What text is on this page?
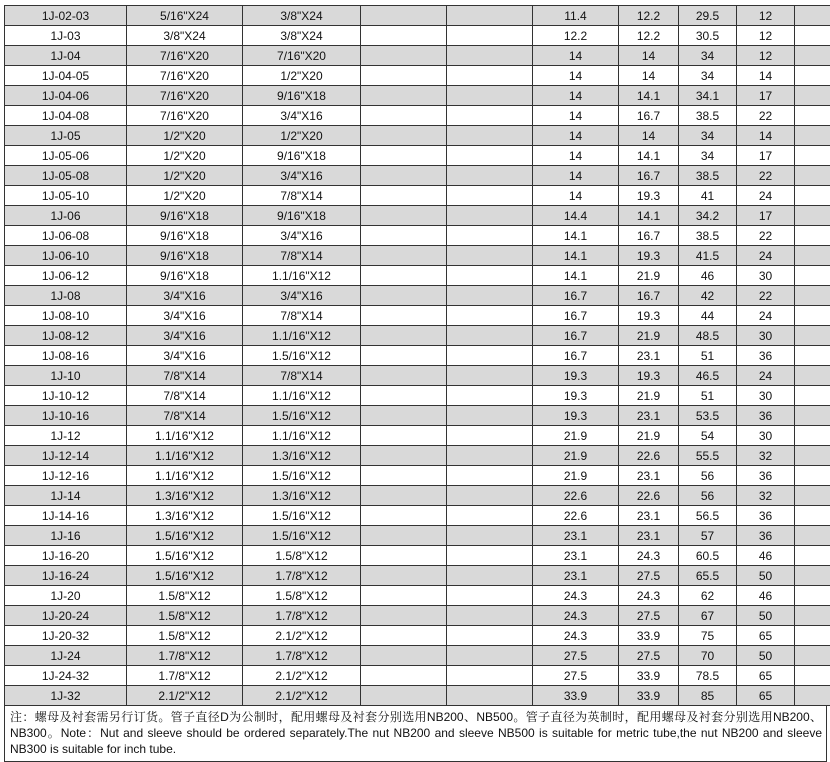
1J-02-03	5/16"X24	3/8"X24			11.4	12.2	29.5	12	
1J-03	3/8"X24	3/8"X24			12.2	12.2	30.5	12	
1J-04	7/16"X20	7/16"X20			14	14	34	12	
1J-04-05	7/16"X20	1/2"X20			14	14	34	14	
1J-04-06	7/16"X20	9/16"X18			14	14.1	34.1	17	
1J-04-08	7/16"X20	3/4"X16			14	16.7	38.5	22	
1J-05	1/2"X20	1/2"X20			14	14	34	14	
1J-05-06	1/2"X20	9/16"X18			14	14.1	34	17	
1J-05-08	1/2"X20	3/4"X16			14	16.7	38.5	22	
1J-05-10	1/2"X20	7/8"X14			14	19.3	41	24	
1J-06	9/16"X18	9/16"X18			14.4	14.1	34.2	17	
1J-06-08	9/16"X18	3/4"X16			14.1	16.7	38.5	22	
1J-06-10	9/16"X18	7/8"X14			14.1	19.3	41.5	24	
1J-06-12	9/16"X18	1.1/16"X12			14.1	21.9	46	30	
1J-08	3/4"X16	3/4"X16			16.7	16.7	42	22	
1J-08-10	3/4"X16	7/8"X14			16.7	19.3	44	24	
1J-08-12	3/4"X16	1.1/16"X12			16.7	21.9	48.5	30	
1J-08-16	3/4"X16	1.5/16"X12			16.7	23.1	51	36	
1J-10	7/8"X14	7/8"X14			19.3	19.3	46.5	24	
1J-10-12	7/8"X14	1.1/16"X12			19.3	21.9	51	30	
1J-10-16	7/8"X14	1.5/16"X12			19.3	23.1	53.5	36	
1J-12	1.1/16"X12	1.1/16"X12			21.9	21.9	54	30	
1J-12-14	1.1/16"X12	1.3/16"X12			21.9	22.6	55.5	32	
1J-12-16	1.1/16"X12	1.5/16"X12			21.9	23.1	56	36	
1J-14	1.3/16"X12	1.3/16"X12			22.6	22.6	56	32	
1J-14-16	1.3/16"X12	1.5/16"X12			22.6	23.1	56.5	36	
1J-16	1.5/16"X12	1.5/16"X12			23.1	23.1	57	36	
1J-16-20	1.5/16"X12	1.5/8"X12			23.1	24.3	60.5	46	
1J-16-24	1.5/16"X12	1.7/8"X12			23.1	27.5	65.5	50	
1J-20	1.5/8"X12	1.5/8"X12			24.3	24.3	62	46	
1J-20-24	1.5/8"X12	1.7/8"X12			24.3	27.5	67	50	
1J-20-32	1.5/8"X12	2.1/2"X12			24.3	33.9	75	65	
1J-24	1.7/8"X12	1.7/8"X12			27.5	27.5	70	50	
1J-24-32	1.7/8"X12	2.1/2"X12			27.5	33.9	78.5	65	
1J-32	2.1/2"X12	2.1/2"X12			33.9	33.9	85	65	
注：螺母及衬套需另行订货。管子直径D为公制时，配用螺母及衬套分别选用NB200、NB500。管子直径为英制时，配用螺母及衬套分别选用NB200、NB300。Note：Nut and sleeve should be ordered separately.The nut NB200 and sleeve NB500 is suitable for metric tube,the nut NB200 and sleeve NB300 is suitable for inch tube.
